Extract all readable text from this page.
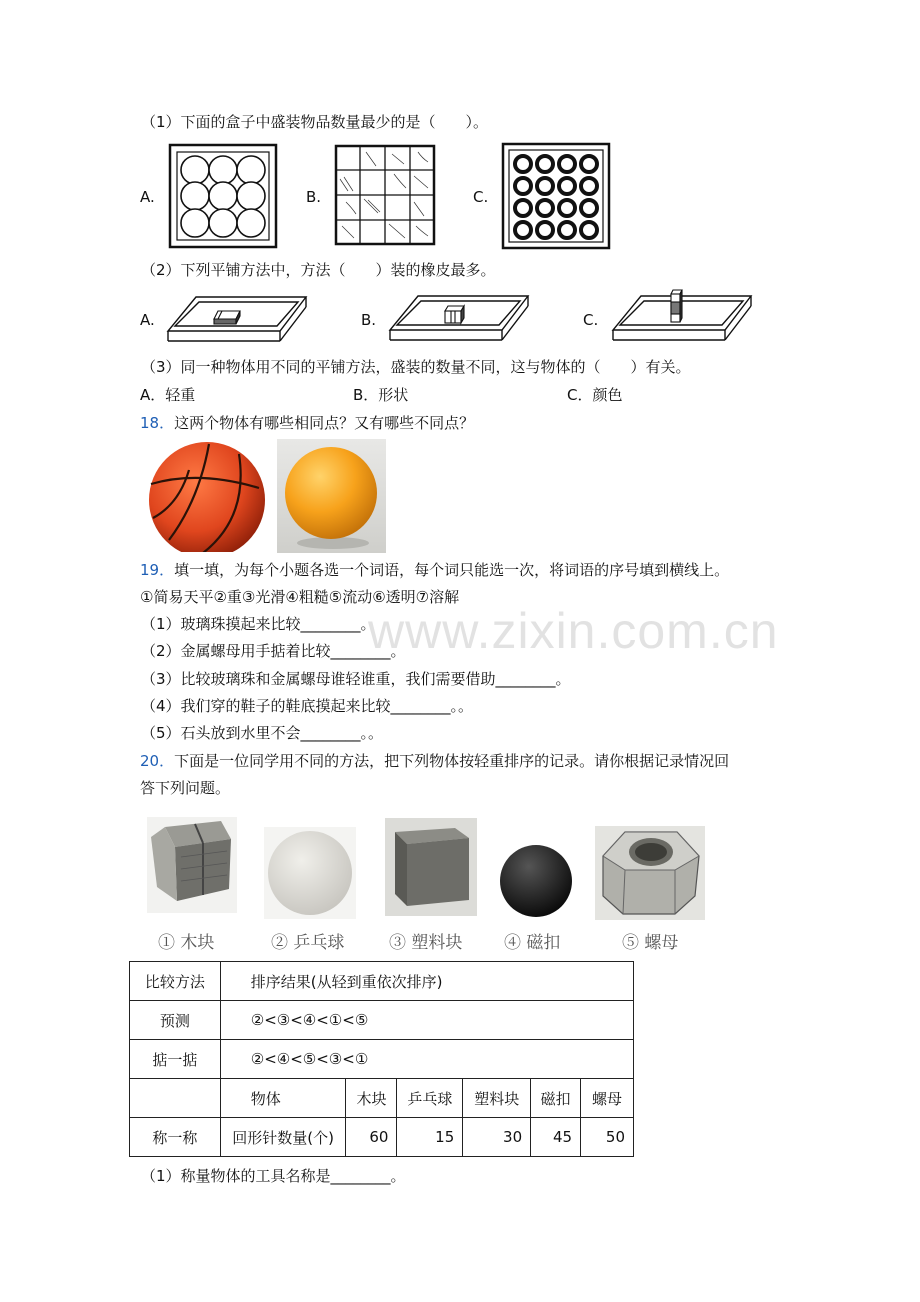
www.zixin.com.cn
（1）下面的盒子中盛装物品数量最少的是（　　）。
A.	B.	C.
（2）下列平铺方法中，方法（　　）装的橡皮最多。
A.	B.	C.
（3）同一种物体用不同的平铺方法，盛装的数量不同，这与物体的（　　）有关。
A．轻重	B．形状	C．颜色
18．这两个物体有哪些相同点？又有哪些不同点？
19．填一填，为每个小题各选一个词语，每个词只能选一次，将词语的序号填到横线上。
①简易天平②重③光滑④粗糙⑤流动⑥透明⑦溶解
（1）玻璃珠摸起来比较________。
（2）金属螺母用手掂着比较________。
（3）比较玻璃珠和金属螺母谁轻谁重，我们需要借助________。
（4）我们穿的鞋子的鞋底摸起来比较________。。
（5）石头放到水里不会________。。
20．下面是一位同学用不同的方法，把下列物体按轻重排序的记录。请你根据记录情况回
答下列问题。
① 木块	② 乒乓球	③ 塑料块 ④ 磁扣	⑤ 螺母
比较方法	排序结果(从轻到重依次排序)					
预测	②<③<④<①<⑤					
掂一掂	②<④<⑤<③<①					
	物体	木块	乒乓球	塑料块	磁扣	螺母
称一称	回形针数量(个)	60	15	30	45	50
（1）称量物体的工具名称是________。
